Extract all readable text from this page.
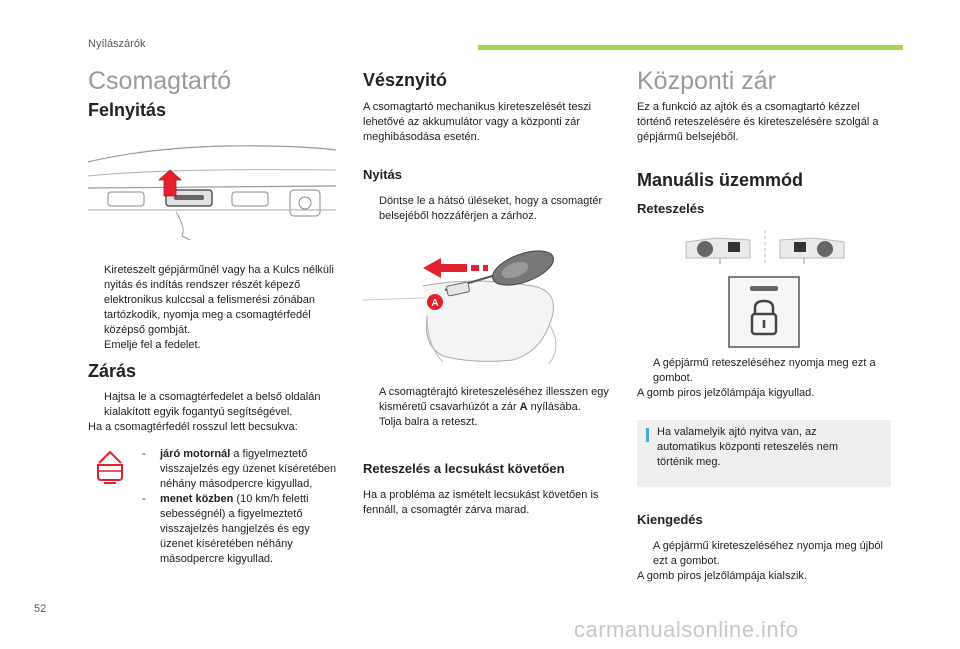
Nyílászárók
Csomagtartó
Felnyitás
Kireteszelt gépjárműnél vagy ha a Kulcs nélküli nyitás és indítás rendszer részét képező elektronikus kulccsal a felismerési zónában tartózkodik, nyomja meg a csomagtérfedél középső gombját.
Emelje fel a fedelet.
Zárás
Hajtsa le a csomagtérfedelet a belső oldalán kialakított egyik fogantyú segítségével.
Ha a csomagtérfedél rosszul lett becsukva:
- járó motornál a figyelmeztető visszajelzés egy üzenet kíséretében néhány másodpercre kigyullad,
- menet közben (10 km/h feletti sebességnél) a figyelmeztető visszajelzés hangjelzés és egy üzenet kíséretében néhány másodpercre kigyullad.
Vésznyitó
A csomagtartó mechanikus kireteszelését teszi lehetővé az akkumulátor vagy a központi zár meghibásodása esetén.
Nyitás
Döntse le a hátsó üléseket, hogy a csomagtér belsejéből hozzáférjen a zárhoz.
A
A csomagtérajtó kireteszeléséhez illesszen egy kisméretű csavarhúzót a zár A nyílásába.
Tolja balra a reteszt.
Reteszelés a lecsukást követően
Ha a probléma az ismételt lecsukást követően is fennáll, a csomagtér zárva marad.
Központi zár
Ez a funkció az ajtók és a csomagtartó kézzel történő reteszelésére és kireteszelésére szolgál a gépjármű belsejéből.
Manuális üzemmód
Reteszelés
A gépjármű reteszeléséhez nyomja meg ezt a gombot.
A gomb piros jelzőlámpája kigyullad.
Ha valamelyik ajtó nyitva van, az automatikus központi reteszelés nem történik meg.
Kiengedés
A gépjármű kireteszeléséhez nyomja meg újból ezt a gombot.
A gomb piros jelzőlámpája kialszik.
52
carmanualsonline.info
